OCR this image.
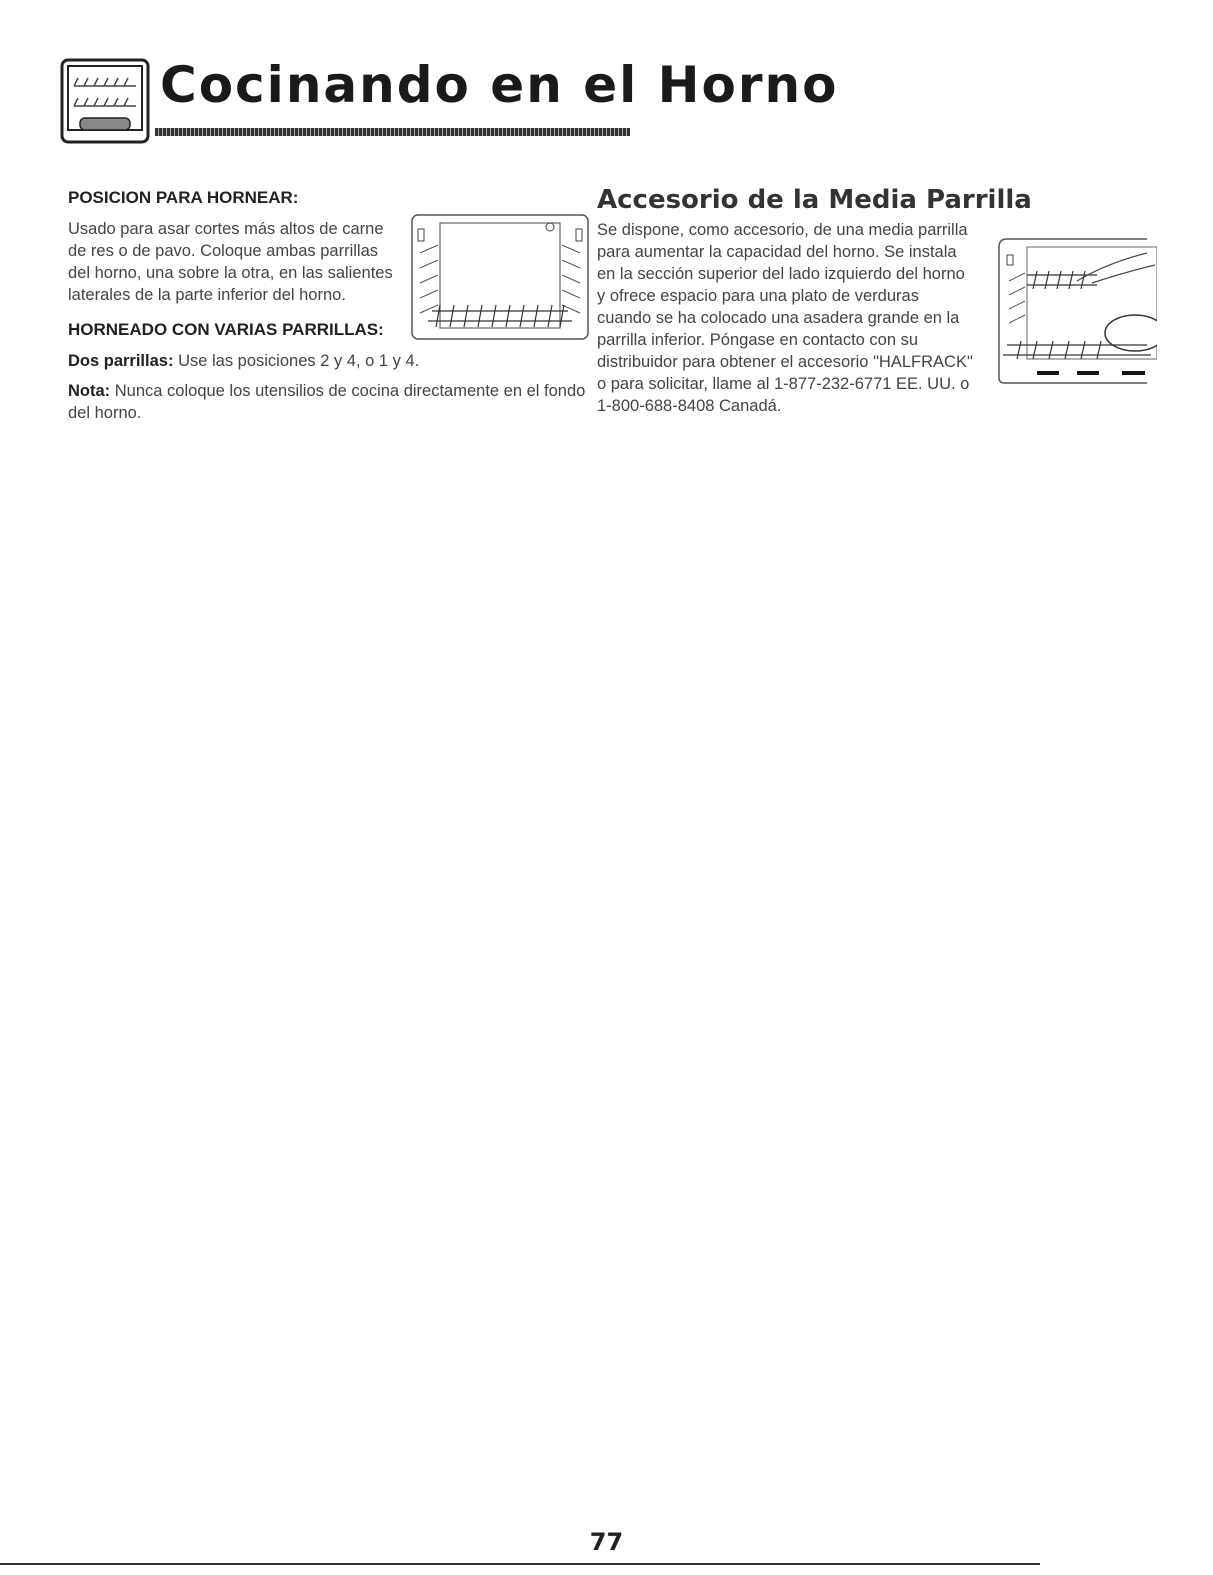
Cocinando en el Horno
POSICION PARA HORNEAR:

Usado para asar cortes más altos de carne de res o de pavo. Coloque ambas parrillas del horno, una sobre la otra, en las salientes laterales de la parte inferior del horno.

HORNEADO CON VARIAS PARRILLAS:

Dos parrillas: Use las posiciones 2 y 4, o 1 y 4.

Nota: Nunca coloque los utensilios de cocina directamente en el fondo del horno.

Accesorio de la Media Parrilla

Se dispone, como accesorio, de una media parrilla para aumentar la capacidad del horno. Se instala en la sección superior del lado izquierdo del horno y ofrece espacio para una plato de verduras cuando se ha colocado una asadera grande en la parrilla inferior. Póngase en contacto con su distribuidor para obtener el accesorio "HALFRACK" o para solicitar, llame al 1-877-232-6771 EE. UU. o 1-800-688-8408 Canadá.

77
